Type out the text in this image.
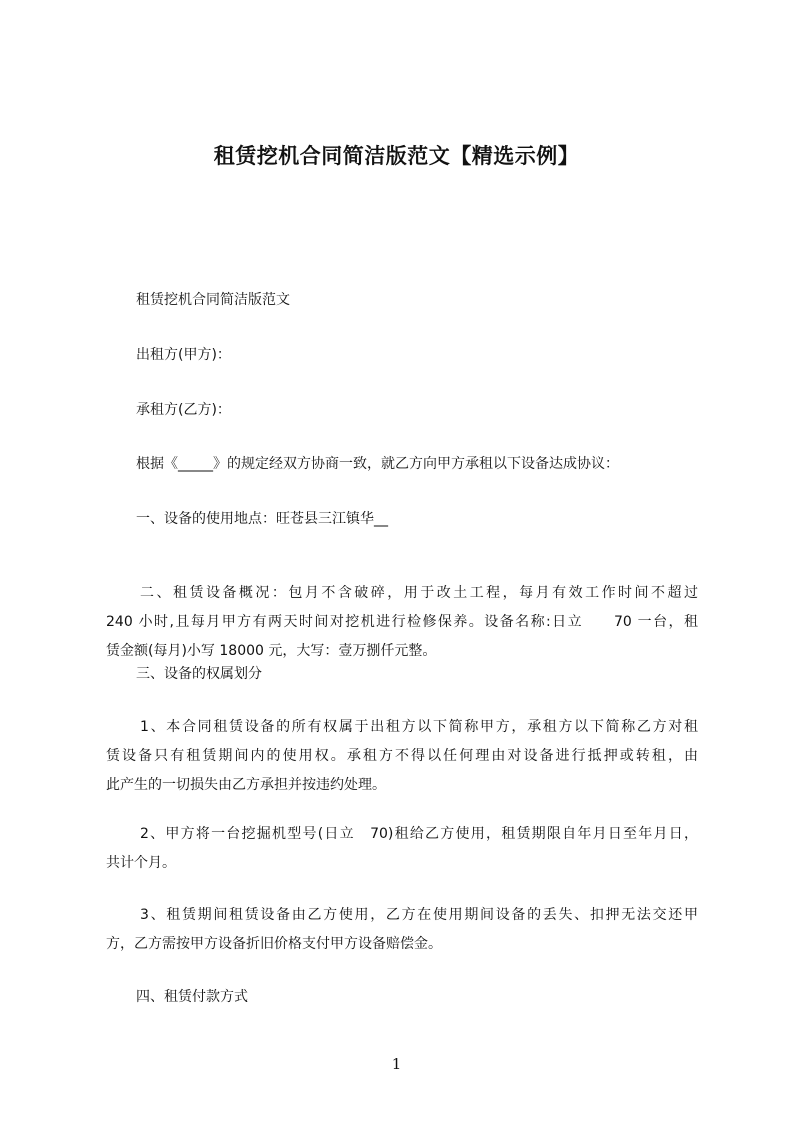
租赁挖机合同简洁版范文【精选示例】
租赁挖机合同简洁版范文
出租方(甲方)：
承租方(乙方)：
根据《_____》的规定经双方协商一致，就乙方向甲方承租以下设备达成协议：
一、设备的使用地点：旺苍县三江镇华__
二、租赁设备概况：包月不含破碎，用于改土工程，每月有效工作时间不超过
240 小时,且每月甲方有两天时间对挖机进行检修保养。设备名称:日立　　70 一台，租
赁金额(每月)小写 18000 元，大写：壹万捌仟元整。
三、设备的权属划分
1、本合同租赁设备的所有权属于出租方以下简称甲方，承租方以下简称乙方对租
赁设备只有租赁期间内的使用权。承租方不得以任何理由对设备进行抵押或转租，由
此产生的一切损失由乙方承担并按违约处理。
2、甲方将一台挖掘机型号(日立　70)租给乙方使用，租赁期限自年月日至年月日，
共计个月。
3、租赁期间租赁设备由乙方使用，乙方在使用期间设备的丢失、扣押无法交还甲
方，乙方需按甲方设备折旧价格支付甲方设备赔偿金。
四、租赁付款方式
1
